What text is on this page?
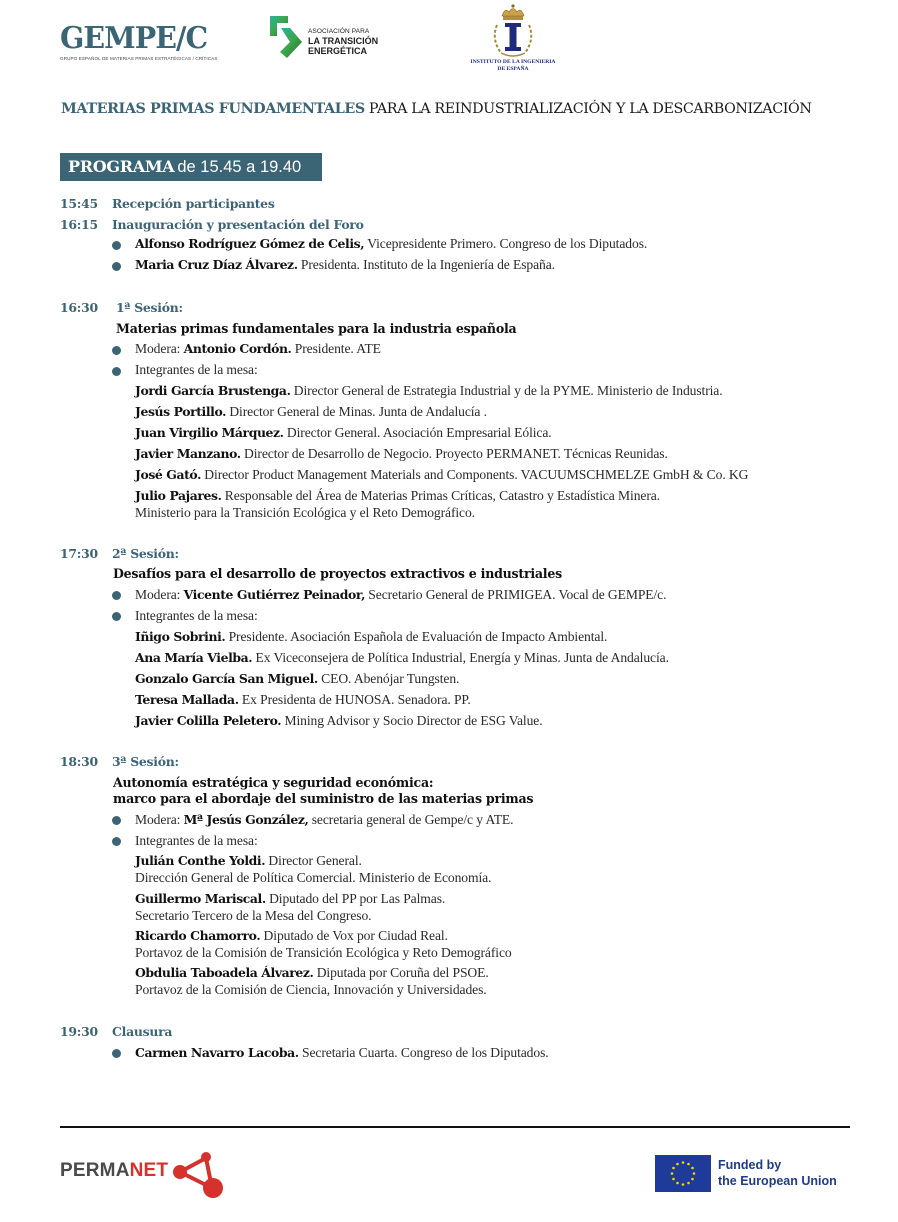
GEMPE/C
GRUPO ESPAÑOL DE MATERIAS PRIMAS ESTRATÉGICAS / CRÍTICAS
ASOCIACIÓN PARA
LA TRANSICIÓN
ENERGÉTICA
INSTITUTO DE LA INGENIERIA
DE ESPAÑA
MATERIAS PRIMAS FUNDAMENTALES PARA LA REINDUSTRIALIZACIÓN Y LA DESCARBONIZACIÓN
PROGRAMA de 15.45 a 19.40
15:45 Recepción participantes
16:15 Inauguración y presentación del Foro
Alfonso Rodríguez Gómez de Celis, Vicepresidente Primero. Congreso de los Diputados.
Maria Cruz Díaz Álvarez. Presidenta. Instituto de la Ingeniería de España.
16:30 1ª Sesión:
Materias primas fundamentales para la industria española
Modera: Antonio Cordón. Presidente. ATE
Integrantes de la mesa:
Jordi García Brustenga. Director General de Estrategia Industrial y de la PYME. Ministerio de Industria.
Jesús Portillo. Director General de Minas. Junta de Andalucía .
Juan Virgilio Márquez. Director General. Asociación Empresarial Eólica.
Javier Manzano. Director de Desarrollo de Negocio. Proyecto PERMANET. Técnicas Reunidas.
José Gató. Director Product Management Materials and Components. VACUUMSCHMELZE GmbH & Co. KG
Julio Pajares. Responsable del Área de Materias Primas Críticas, Catastro y Estadística Minera.
Ministerio para la Transición Ecológica y el Reto Demográfico.
17:30 2ª Sesión:
Desafíos para el desarrollo de proyectos extractivos e industriales
Modera: Vicente Gutiérrez Peinador, Secretario General de PRIMIGEA. Vocal de GEMPE/c.
Integrantes de la mesa:
Iñigo Sobrini. Presidente. Asociación Española de Evaluación de Impacto Ambiental.
Ana María Vielba. Ex Viceconsejera de Política Industrial, Energía y Minas. Junta de Andalucía.
Gonzalo García San Miguel. CEO. Abenójar Tungsten.
Teresa Mallada. Ex Presidenta de HUNOSA. Senadora. PP.
Javier Colilla Peletero. Mining Advisor y Socio Director de ESG Value.
18:30 3ª Sesión:
Autonomía estratégica y seguridad económica:
marco para el abordaje del suministro de las materias primas
Modera: Mª Jesús González, secretaria general de Gempe/c y ATE.
Integrantes de la mesa:
Julián Conthe Yoldi. Director General.
Dirección General de Política Comercial. Ministerio de Economía.
Guillermo Mariscal. Diputado del PP por Las Palmas.
Secretario Tercero de la Mesa del Congreso.
Ricardo Chamorro. Diputado de Vox por Ciudad Real.
Portavoz de la Comisión de Transición Ecológica y Reto Demográfico
Obdulia Taboadela Álvarez. Diputada por Coruña del PSOE.
Portavoz de la Comisión de Ciencia, Innovación y Universidades.
19:30 Clausura
Carmen Navarro Lacoba. Secretaria Cuarta. Congreso de los Diputados.
PERMANET	Funded by
the European Union
